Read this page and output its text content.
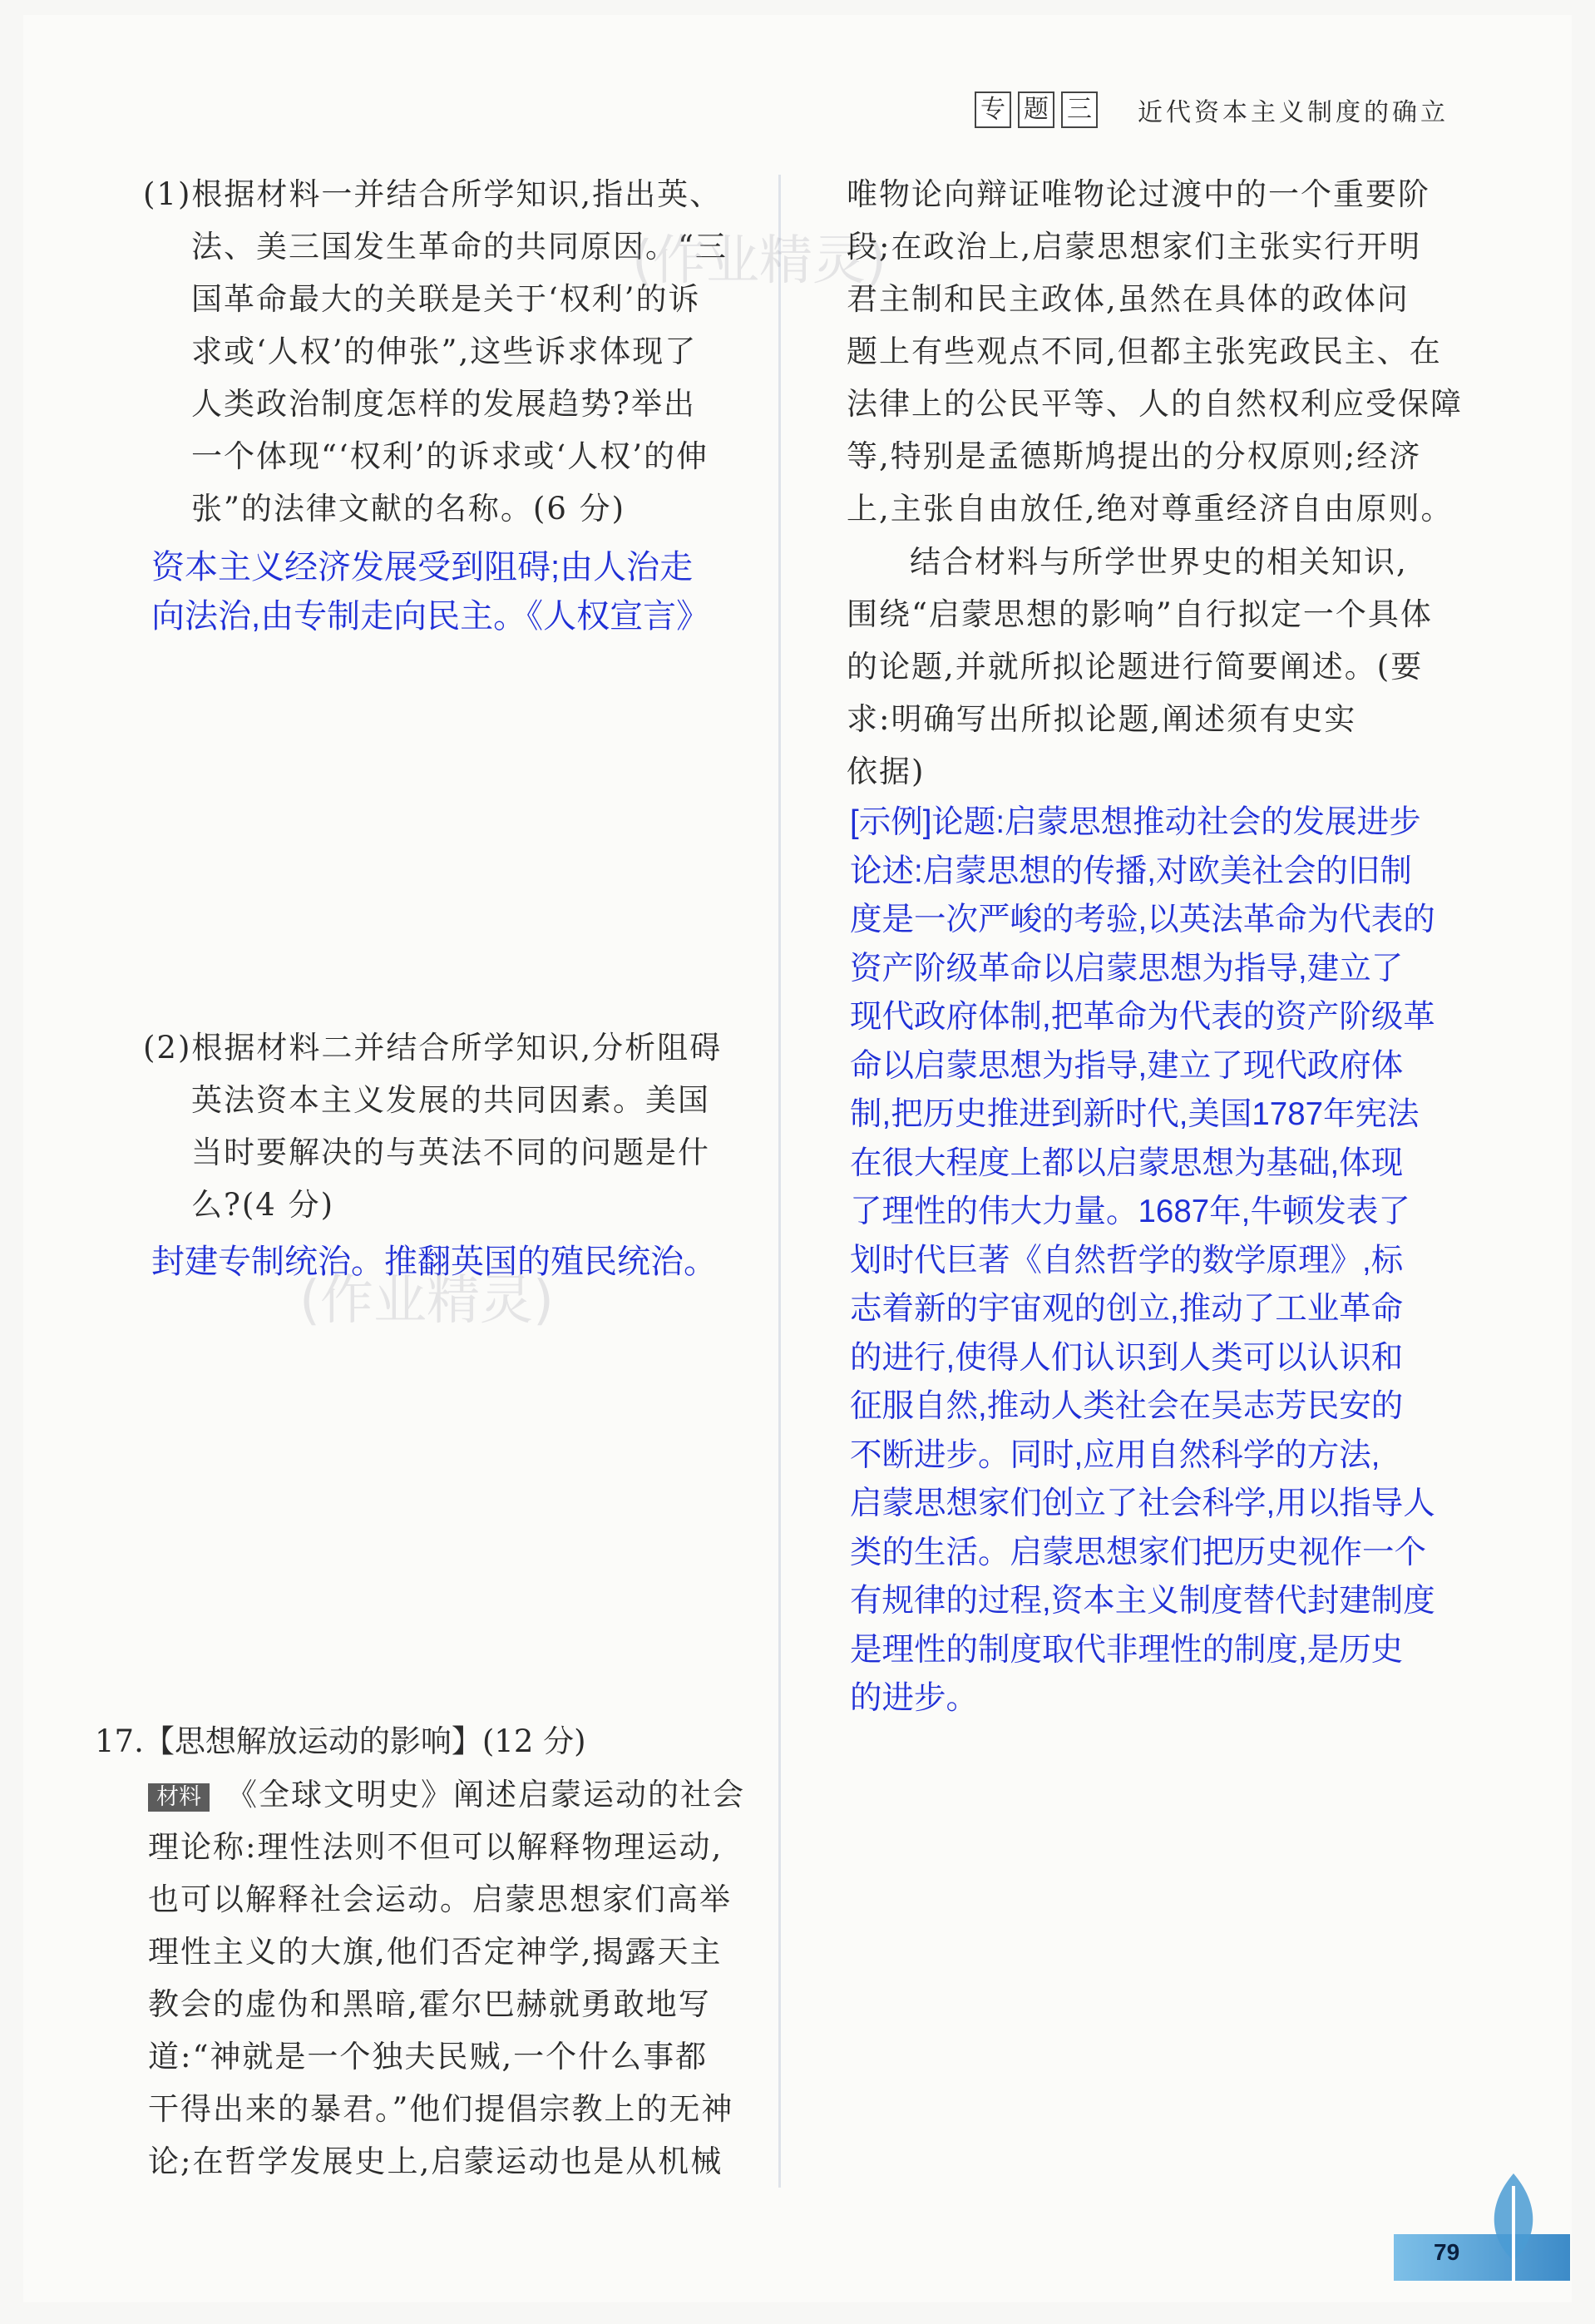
专 题 三 近代资本主义制度的确立
(1)根据材料一并结合所学知识,指出英、
法、美三国发生革命的共同原因。“三
国革命最大的关联是关于‘权利’的诉
求或‘人权’的伸张”,这些诉求体现了
人类政治制度怎样的发展趋势?举出
一个体现“‘权利’的诉求或‘人权’的伸
张”的法律文献的名称。(6 分)
资本主义经济发展受到阻碍;由人治走
向法治,由专制走向民主。《人权宣言》
(作业精灵)
(2)根据材料二并结合所学知识,分析阻碍
英法资本主义发展的共同因素。美国
当时要解决的与英法不同的问题是什
么?(4 分)
封建专制统治。推翻英国的殖民统治。
(作业精灵)
17.【思想解放运动的影响】(12 分)
材料 《全球文明史》阐述启蒙运动的社会
理论称:理性法则不但可以解释物理运动,
也可以解释社会运动。启蒙思想家们高举
理性主义的大旗,他们否定神学,揭露天主
教会的虚伪和黑暗,霍尔巴赫就勇敢地写
道:“神就是一个独夫民贼,一个什么事都
干得出来的暴君。”他们提倡宗教上的无神
论;在哲学发展史上,启蒙运动也是从机械
唯物论向辩证唯物论过渡中的一个重要阶
段;在政治上,启蒙思想家们主张实行开明
君主制和民主政体,虽然在具体的政体问
题上有些观点不同,但都主张宪政民主、在
法律上的公民平等、人的自然权利应受保障
等,特别是孟德斯鸠提出的分权原则;经济
上,主张自由放任,绝对尊重经济自由原则。
结合材料与所学世界史的相关知识,
围绕“启蒙思想的影响”自行拟定一个具体
的论题,并就所拟论题进行简要阐述。(要
求:明确写出所拟论题,阐述须有史实
依据)
[示例]论题:启蒙思想推动社会的发展进步
论述:启蒙思想的传播,对欧美社会的旧制
度是一次严峻的考验,以英法革命为代表的
资产阶级革命以启蒙思想为指导,建立了
现代政府体制,把革命为代表的资产阶级革
命以启蒙思想为指导,建立了现代政府体
制,把历史推进到新时代,美国1787年宪法
在很大程度上都以启蒙思想为基础,体现
了理性的伟大力量。1687年,牛顿发表了
划时代巨著《自然哲学的数学原理》,标
志着新的宇宙观的创立,推动了工业革命
的进行,使得人们认识到人类可以认识和
征服自然,推动人类社会在吴志芳民安的
不断进步。同时,应用自然科学的方法,
启蒙思想家们创立了社会科学,用以指导人
类的生活。启蒙思想家们把历史视作一个
有规律的过程,资本主义制度替代封建制度
是理性的制度取代非理性的制度,是历史
的进步。
79
